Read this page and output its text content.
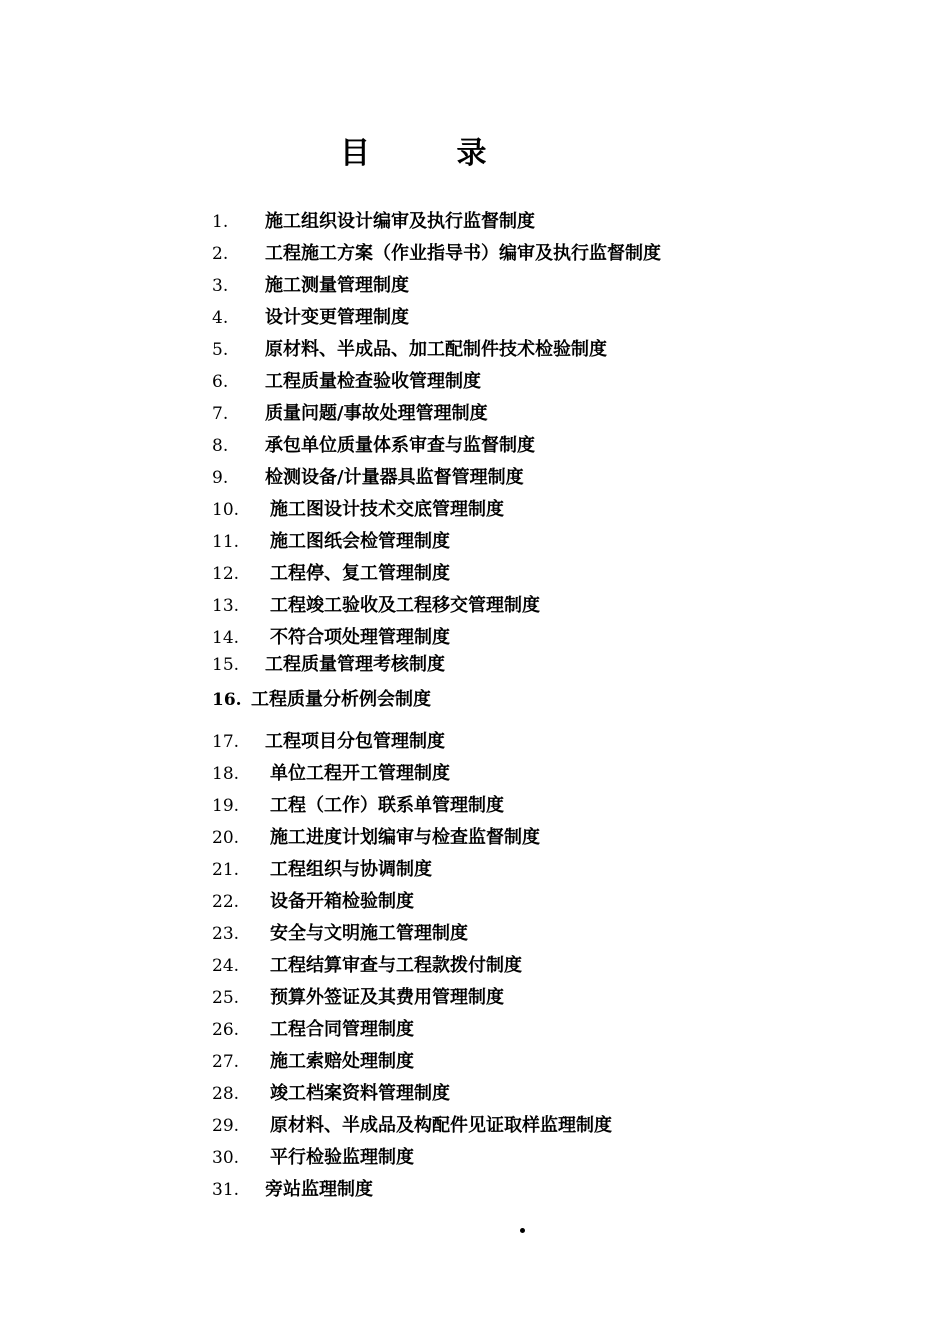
目 录
1. 施工组织设计编审及执行监督制度
2. 工程施工方案（作业指导书）编审及执行监督制度
3. 施工测量管理制度
4. 设计变更管理制度
5. 原材料、半成品、加工配制件技术检验制度
6. 工程质量检查验收管理制度
7. 质量问题/事故处理管理制度
8. 承包单位质量体系审查与监督制度
9. 检测设备/计量器具监督管理制度
10. 施工图设计技术交底管理制度
11. 施工图纸会检管理制度
12. 工程停、复工管理制度
13. 工程竣工验收及工程移交管理制度
14. 不符合项处理管理制度
15. 工程质量管理考核制度
16. 工程质量分析例会制度
17. 工程项目分包管理制度
18. 单位工程开工管理制度
19. 工程（工作）联系单管理制度
20. 施工进度计划编审与检查监督制度
21. 工程组织与协调制度
22. 设备开箱检验制度
23. 安全与文明施工管理制度
24. 工程结算审查与工程款拨付制度
25. 预算外签证及其费用管理制度
26. 工程合同管理制度
27. 施工索赔处理制度
28. 竣工档案资料管理制度
29. 原材料、半成品及构配件见证取样监理制度
30. 平行检验监理制度
31. 旁站监理制度
